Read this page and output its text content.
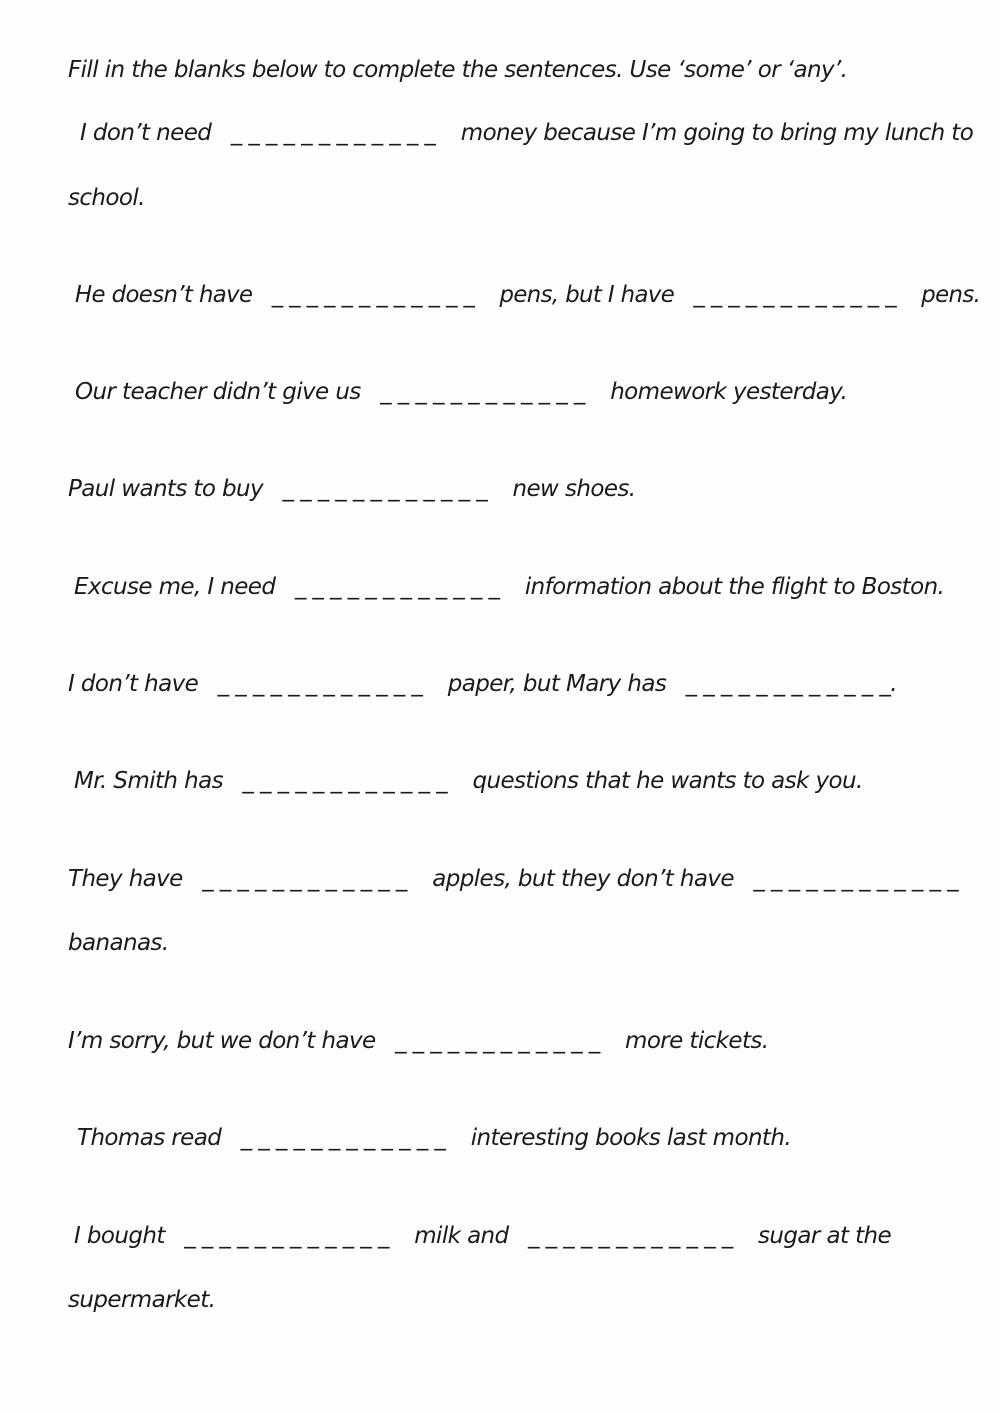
Fill in the blanks below to complete the sentences. Use ‘some’ or ‘any’.
I don’t need _ _ _ _ _ _ _ _ _ _ _ _ money because I’m going to bring my lunch to
school.
He doesn’t have _ _ _ _ _ _ _ _ _ _ _ _ pens, but I have _ _ _ _ _ _ _ _ _ _ _ _ pens.
Our teacher didn’t give us _ _ _ _ _ _ _ _ _ _ _ _ homework yesterday.
Paul wants to buy _ _ _ _ _ _ _ _ _ _ _ _ new shoes.
Excuse me, I need _ _ _ _ _ _ _ _ _ _ _ _ information about the flight to Boston.
I don’t have _ _ _ _ _ _ _ _ _ _ _ _ paper, but Mary has _ _ _ _ _ _ _ _ _ _ _ _.
Mr. Smith has _ _ _ _ _ _ _ _ _ _ _ _ questions that he wants to ask you.
They have _ _ _ _ _ _ _ _ _ _ _ _ apples, but they don’t have _ _ _ _ _ _ _ _ _ _ _ _
bananas.
I’m sorry, but we don’t have _ _ _ _ _ _ _ _ _ _ _ _ more tickets.
Thomas read _ _ _ _ _ _ _ _ _ _ _ _ interesting books last month.
I bought _ _ _ _ _ _ _ _ _ _ _ _ milk and _ _ _ _ _ _ _ _ _ _ _ _ sugar at the
supermarket.
